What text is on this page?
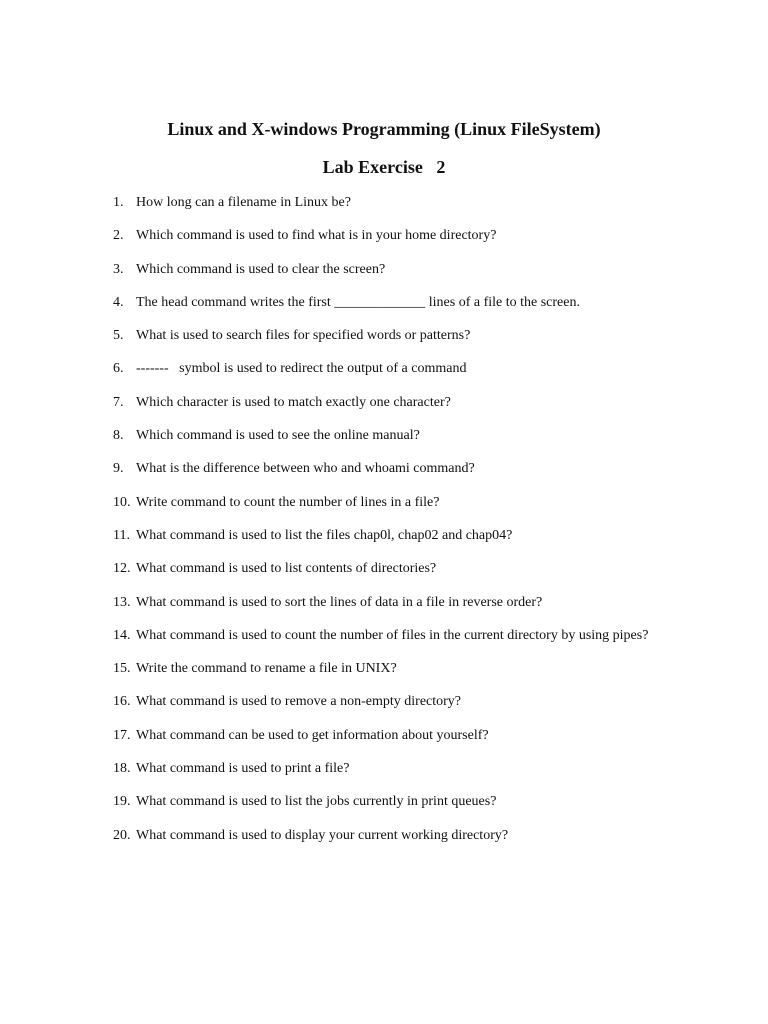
Linux and X-windows Programming (Linux FileSystem)
Lab Exercise   2
1. How long can a filename in Linux be?
2. Which command is used to find what is in your home directory?
3. Which command is used to clear the screen?
4. The head command writes the first _____________ lines of a file to the screen.
5. What is used to search files for specified words or patterns?
6. -------   symbol is used to redirect the output of a command
7. Which character is used to match exactly one character?
8. Which command is used to see the online manual?
9. What is the difference between who and whoami command?
10. Write command to count the number of lines in a file?
11. What command is used to list the files chap0l, chap02 and chap04?
12. What command is used to list contents of directories?
13. What command is used to sort the lines of data in a file in reverse order?
14. What command is used to count the number of files in the current directory by using pipes?
15. Write the command to rename a file in UNIX?
16. What command is used to remove a non-empty directory?
17. What command can be used to get information about yourself?
18. What command is used to print a file?
19. What command is used to list the jobs currently in print queues?
20. What command is used to display your current working directory?
